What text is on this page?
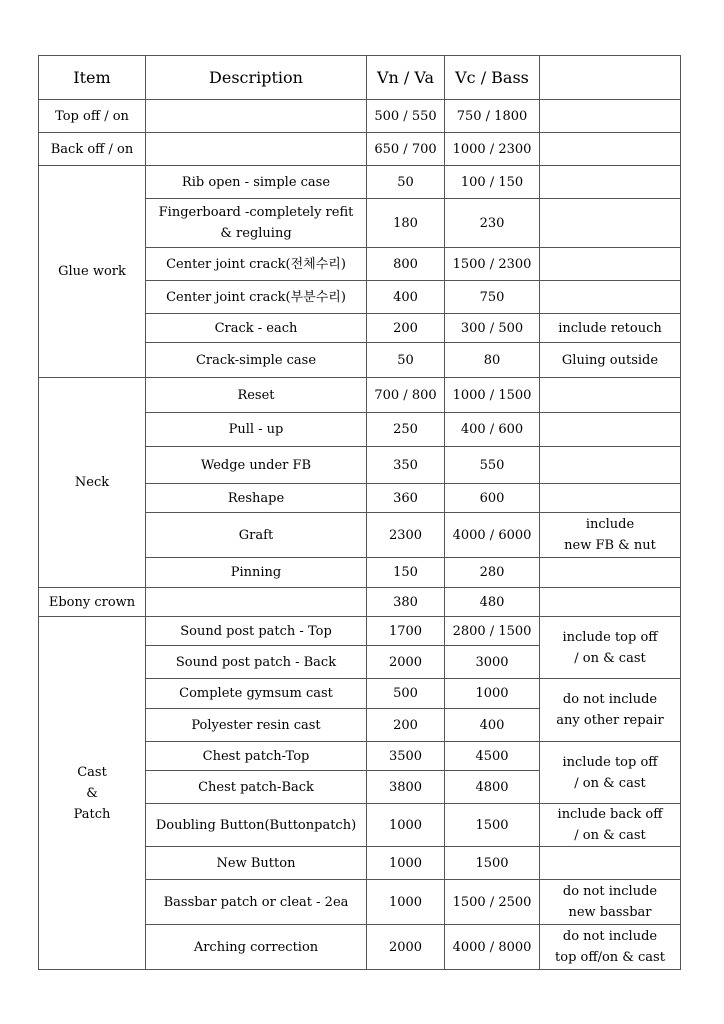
Item	Description	Vn / Va	Vc / Bass	
Top off / on		500 / 550	750 / 1800	
Back off / on		650 / 700	1000 / 2300	
Glue work	Rib open - simple case	50	100 / 150	
	Fingerboard -completely refit
& regluing	180	230	
	Center joint crack(전체수리)	800	1500 / 2300	
	Center joint crack(부분수리)	400	750	
	Crack - each	200	300 / 500	include retouch
	Crack-simple case	50	80	Gluing outside
Neck	Reset	700 / 800	1000 / 1500	
	Pull - up	250	400 / 600	
	Wedge under FB	350	550	
	Reshape	360	600	
	Graft	2300	4000 / 6000	include
new FB & nut
	Pinning	150	280	
Ebony crown		380	480	
Cast
&
Patch	Sound post patch - Top	1700	2800 / 1500	include top off
/ on & cast
	Sound post patch - Back	2000	3000	
	Complete gymsum cast	500	1000	do not include
any other repair
	Polyester resin cast	200	400	
	Chest patch-Top	3500	4500	include top off
/ on & cast
	Chest patch-Back	3800	4800	
	Doubling Button(Buttonpatch)	1000	1500	include back off
/ on & cast
	New Button	1000	1500	
	Bassbar patch or cleat - 2ea	1000	1500 / 2500	do not include
new bassbar
	Arching correction	2000	4000 / 8000	do not include
top off/on & cast
